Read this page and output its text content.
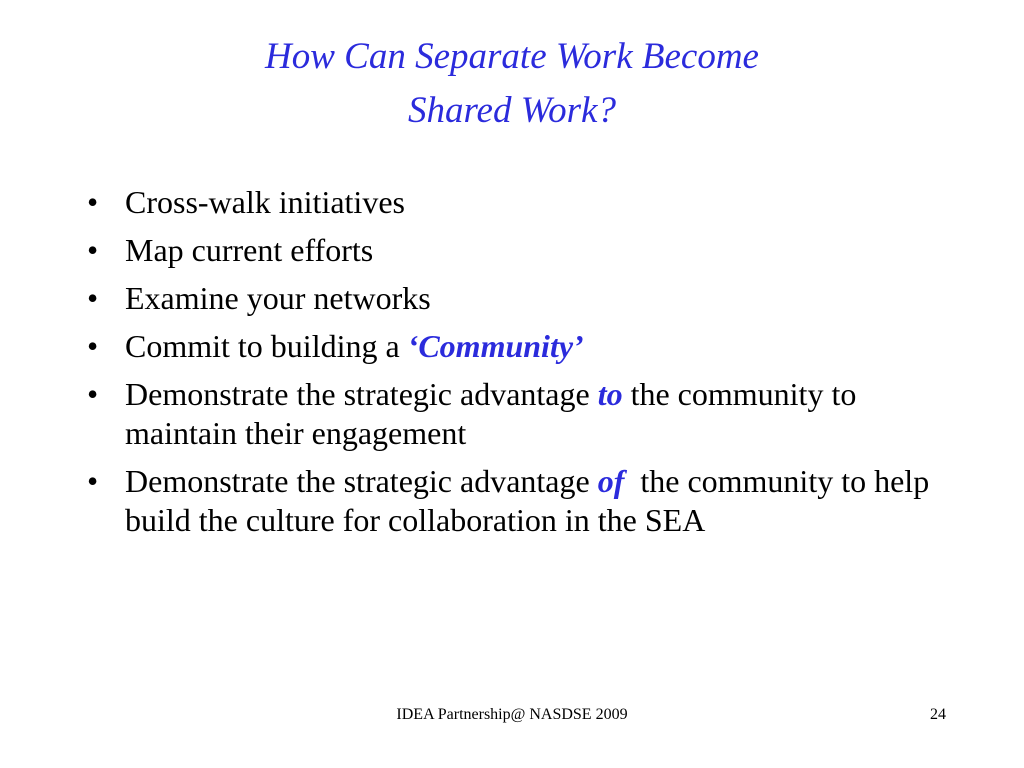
How Can Separate Work Become
Shared Work?
• Cross-walk initiatives
• Map current efforts
• Examine your networks
• Commit to building a ‘Community’
• Demonstrate the strategic advantage to the community to maintain their engagement
• Demonstrate the strategic advantage of  the community to help build the culture for collaboration in the SEA
IDEA Partnership@ NASDSE 2009	24
